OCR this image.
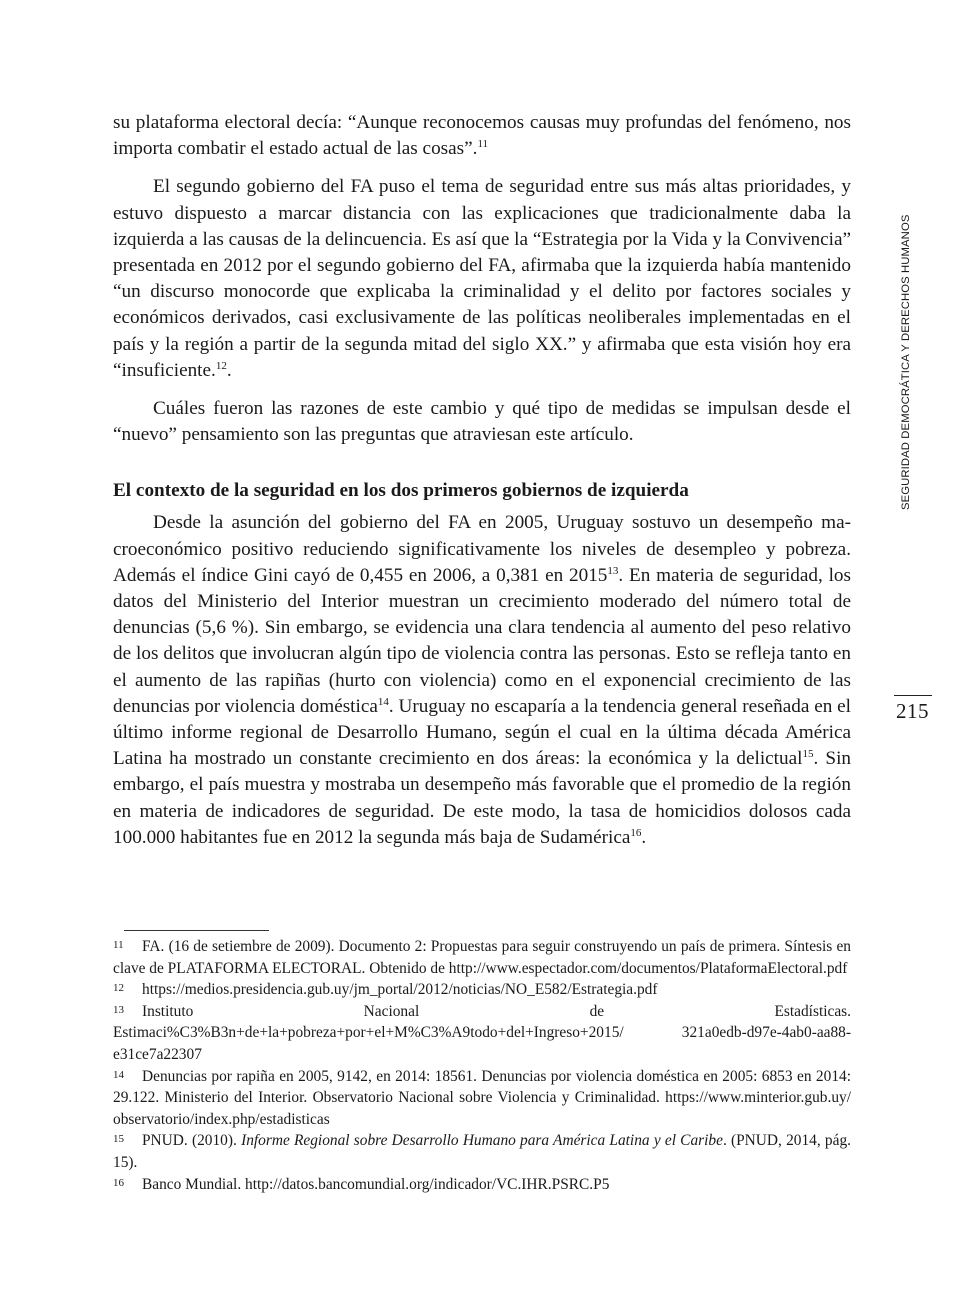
su plataforma electoral decía: “Aunque reconocemos causas muy profundas del fenómeno, nos importa combatir el estado actual de las cosas”.$^{11}$

El segundo gobierno del FA puso el tema de seguridad entre sus más altas prioridades, y estuvo dispuesto a marcar distancia con las explicaciones que tradicionalmente daba la izquierda a las causas de la delincuencia. Es así que la “Estrategia por la Vida y la Convivencia” presentada en 2012 por el segundo gobierno del FA, afirmaba que la izquierda había mantenido “un discurso monocorde que explicaba la criminalidad y el delito por factores sociales y económicos derivados, casi exclusivamente de las políticas neoliberales implementadas en el país y la región a partir de la segunda mitad del siglo XX.” y afirmaba que esta visión hoy era “insuficiente.$^{12}$.

Cuáles fueron las razones de este cambio y qué tipo de medidas se impulsan desde el “nuevo” pensamiento son las preguntas que atraviesan este artículo.

El contexto de la seguridad en los dos primeros gobiernos de izquierda

Desde la asunción del gobierno del FA en 2005, Uruguay sostuvo un desempeño macroeconómico positivo reduciendo significativamente los niveles de desempleo y pobreza. Además el índice Gini cayó de 0,455 en 2006, a 0,381 en 2015$^{13}$. En materia de seguridad, los datos del Ministerio del Interior muestran un crecimiento moderado del número total de denuncias (5,6 %). Sin embargo, se evidencia una clara tendencia al aumento del peso relativo de los delitos que involucran algún tipo de violencia contra las personas. Esto se refleja tanto en el aumento de las rapiñas (hurto con violencia) como en el exponencial crecimiento de las denuncias por violencia doméstica$^{14}$. Uruguay no escaparía a la tendencia general reseñada en el último informe regional de Desarrollo Humano, según el cual en la última década América Latina ha mostrado un constante crecimiento en dos áreas: la económica y la delictual$^{15}$. Sin embargo, el país muestra y mostraba un desempeño más favorable que el promedio de la región en materia de indicadores de seguridad. De este modo, la tasa de homicidios dolosos cada 100.000 habitantes fue en 2012 la segunda más baja de Sudamérica$^{16}$.

11 FA. (16 de setiembre de 2009). Documento 2: Propuestas para seguir construyendo un país de primera. Síntesis en clave de PLATAFORMA ELECTORAL. Obtenido de http://www.espectador.com/documentos/PlataformaElectoral.pdf

12 https://medios.presidencia.gub.uy/jm_portal/2012/noticias/NO_E582/Estrategia.pdf

13 Instituto Nacional de Estadísticas. Estimaci%C3%B3n+de+la+pobreza+por+el+M%C3%A9todo+del+Ingreso+2015/ 321a0edb-d97e-4ab0-aa88-e31ce7a22307

14 Denuncias por rapiña en 2005, 9142, en 2014: 18561. Denuncias por violencia doméstica en 2005: 6853 en 2014: 29.122. Ministerio del Interior. Observatorio Nacional sobre Violencia y Criminalidad. https://www.minterior.gub.uy/ observatorio/index.php/estadisticas

15 PNUD. (2010). Informe Regional sobre Desarrollo Humano para América Latina y el Caribe. (PNUD, 2014, pág. 15).

16 Banco Mundial. http://datos.bancomundial.org/indicador/VC.IHR.PSRC.P5

SEGURIDAD DEMOCRÁTICA Y DERECHOS HUMANOS
215
